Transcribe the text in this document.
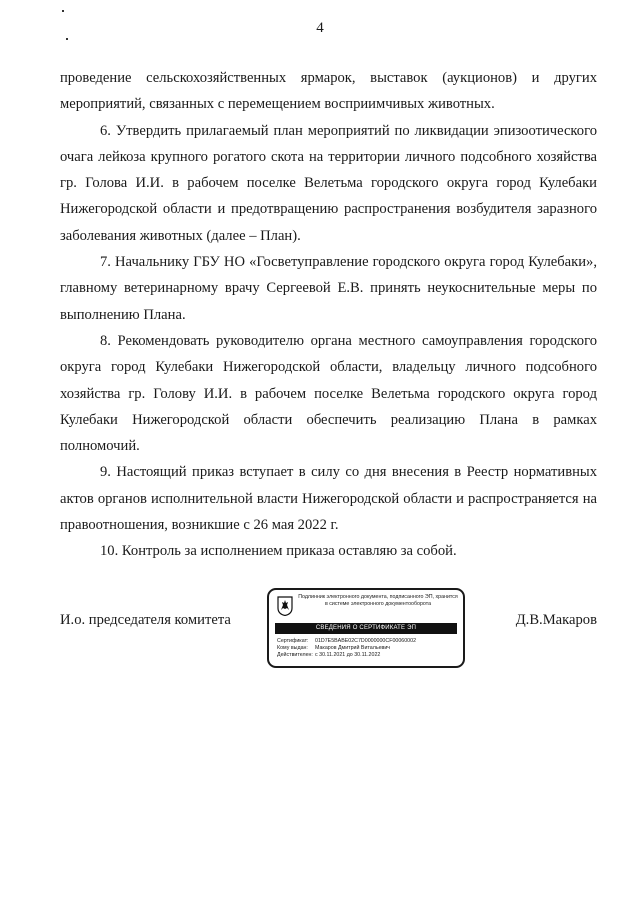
4

проведение сельскохозяйственных ярмарок, выставок (аукционов) и других мероприятий, связанных с перемещением восприимчивых животных.

6. Утвердить прилагаемый план мероприятий по ликвидации эпизоотического очага лейкоза крупного рогатого скота на территории личного подсобного хозяйства гр. Голова И.И. в рабочем поселке Велетьма городского округа город Кулебаки Нижегородской области и предотвращению распространения возбудителя заразного заболевания животных (далее – План).

7. Начальнику ГБУ НО «Госветуправление городского округа город Кулебаки», главному ветеринарному врачу Сергеевой Е.В. принять неукоснительные меры по выполнению Плана.

8. Рекомендовать руководителю органа местного самоуправления городского округа город Кулебаки Нижегородской области, владельцу личного подсобного хозяйства гр. Голову И.И. в рабочем поселке Велетьма городского округа город Кулебаки Нижегородской области обеспечить реализацию Плана в рамках полномочий.

9. Настоящий приказ вступает в силу со дня внесения в Реестр нормативных актов органов исполнительной власти Нижегородской области и распространяется на правоотношения, возникшие с 26 мая 2022 г.

10. Контроль за исполнением приказа оставляю за собой.

И.о. председателя комитета
Подлинник электронного документа, подписанного ЭП, хранится в системе электронного документооборота
СВЕДЕНИЯ О СЕРТИФИКАТЕ ЭП
Сертификат: 01D7E5BABE02C7D0000000CF00060002
Кому выдан: Макаров Дмитрий Витальевич
Действителен: с 30.11.2021 до 30.11.2022
Д.В.Макаров
